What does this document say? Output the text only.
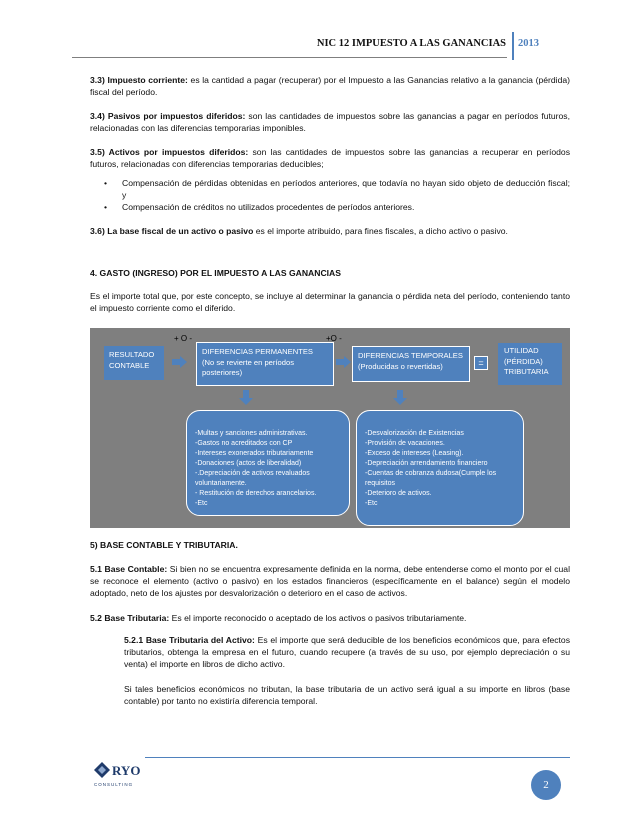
NIC 12 IMPUESTO A LAS GANANCIAS 2013
3.3) Impuesto corriente: es la cantidad a pagar (recuperar) por el Impuesto a las Ganancias relativo a la ganancia (pérdida) fiscal del período.
3.4) Pasivos por impuestos diferidos: son las cantidades de impuestos sobre las ganancias a pagar en períodos futuros, relacionadas con las diferencias temporarias imponibles.
3.5) Activos por impuestos diferidos: son las cantidades de impuestos sobre las ganancias a recuperar en períodos futuros, relacionadas con diferencias temporarias deducibles;
• Compensación de pérdidas obtenidas en períodos anteriores, que todavía no hayan sido objeto de deducción fiscal; y
• Compensación de créditos no utilizados procedentes de períodos anteriores.
3.6) La base fiscal de un activo o pasivo es el importe atribuido, para fines fiscales, a dicho activo o pasivo.
4. GASTO (INGRESO) POR EL IMPUESTO A LAS GANANCIAS
Es el importe total que, por este concepto, se incluye al determinar la ganancia o pérdida neta del período, conteniendo tanto el impuesto corriente como el diferido.
RESULTADO CONTABLE
+ O -
DIFERENCIAS PERMANENTES
(No se revierte en períodos posteriores)
+O -
DIFERENCIAS TEMPORALES
(Producidas o revertidas)	=
UTILIDAD (PÉRDIDA) TRIBUTARIA
-Multas y sanciones administrativas.
-Gastos no acreditados con CP
-Intereses exonerados tributariamente
-Donaciones (actos de liberalidad)
-.Depreciación de activos revaluados voluntariamente.
- Restitución de derechos arancelarios.
-Etc
-Desvalorización de Existencias
-Provisión de vacaciones.
-Exceso de intereses (Leasing).
-Depreciación arrendamiento financiero
-Cuentas de cobranza dudosa(Cumple los requisitos
-Deterioro de activos.
-Etc
5) BASE CONTABLE Y TRIBUTARIA.
5.1 Base Contable: Si bien no se encuentra expresamente definida en la norma, debe entenderse como el monto por el cual se reconoce el elemento (activo o pasivo) en los estados financieros (específicamente en el balance) según el modelo adoptado, neto de los ajustes por desvalorización o deterioro en el caso de activos.
5.2 Base Tributaria: Es el importe reconocido o aceptado de los activos o pasivos tributariamente.
5.2.1 Base Tributaria del Activo: Es el importe que será deducible de los beneficios económicos que, para efectos tributarios, obtenga la empresa en el futuro, cuando recupere (a través de su uso, por ejemplo depreciación o su venta) el importe en libros de dicho activo.
Si tales beneficios económicos no tributan, la base tributaria de un activo será igual a su importe en libros (base contable) por tanto no existiría diferencia temporal.
RYO
CONSULTING	2
